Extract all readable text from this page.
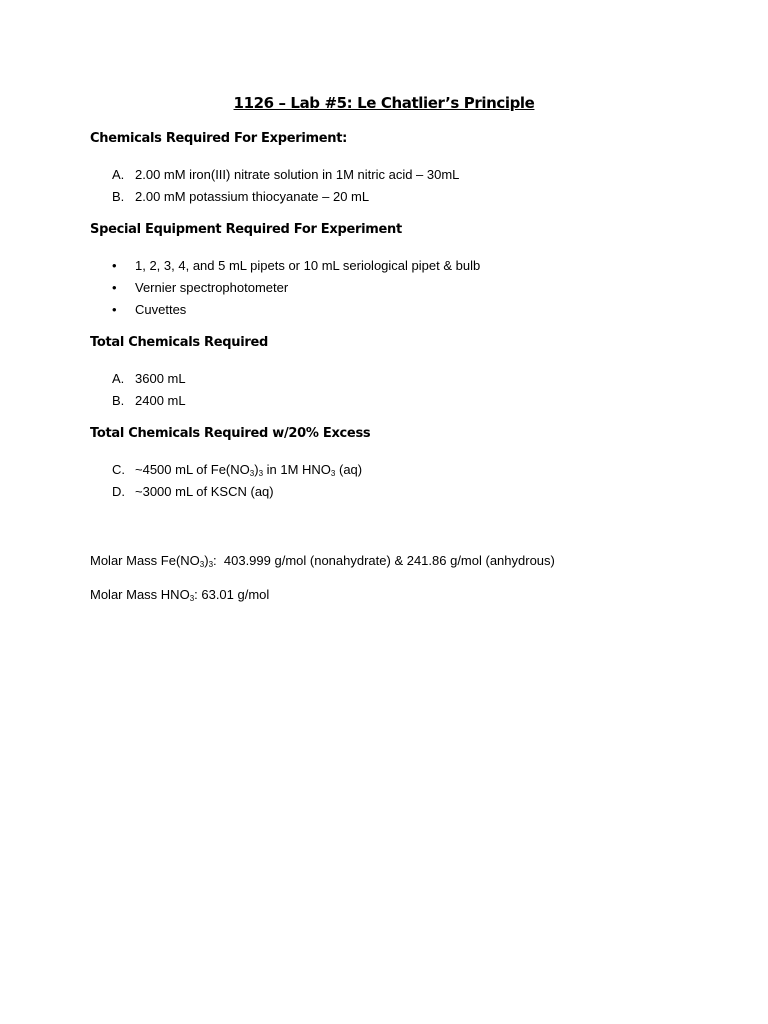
1126 – Lab #5: Le Chatlier’s Principle
Chemicals Required For Experiment:
A. 2.00 mM iron(III) nitrate solution in 1M nitric acid – 30mL
B. 2.00 mM potassium thiocyanate – 20 mL
Special Equipment Required For Experiment
• 1, 2, 3, 4, and 5 mL pipets or 10 mL seriological pipet & bulb
• Vernier spectrophotometer
• Cuvettes
Total Chemicals Required
A. 3600 mL
B. 2400 mL
Total Chemicals Required w/20% Excess
C. ~4500 mL of $Fe(NO_3)_3$ in 1M $HNO_3$ (aq)
D. ~3000 mL of KSCN (aq)
Molar Mass $Fe(NO_3)_3$:  403.999 g/mol (nonahydrate) & 241.86 g/mol (anhydrous)
Molar Mass $HNO_3$: 63.01 g/mol
